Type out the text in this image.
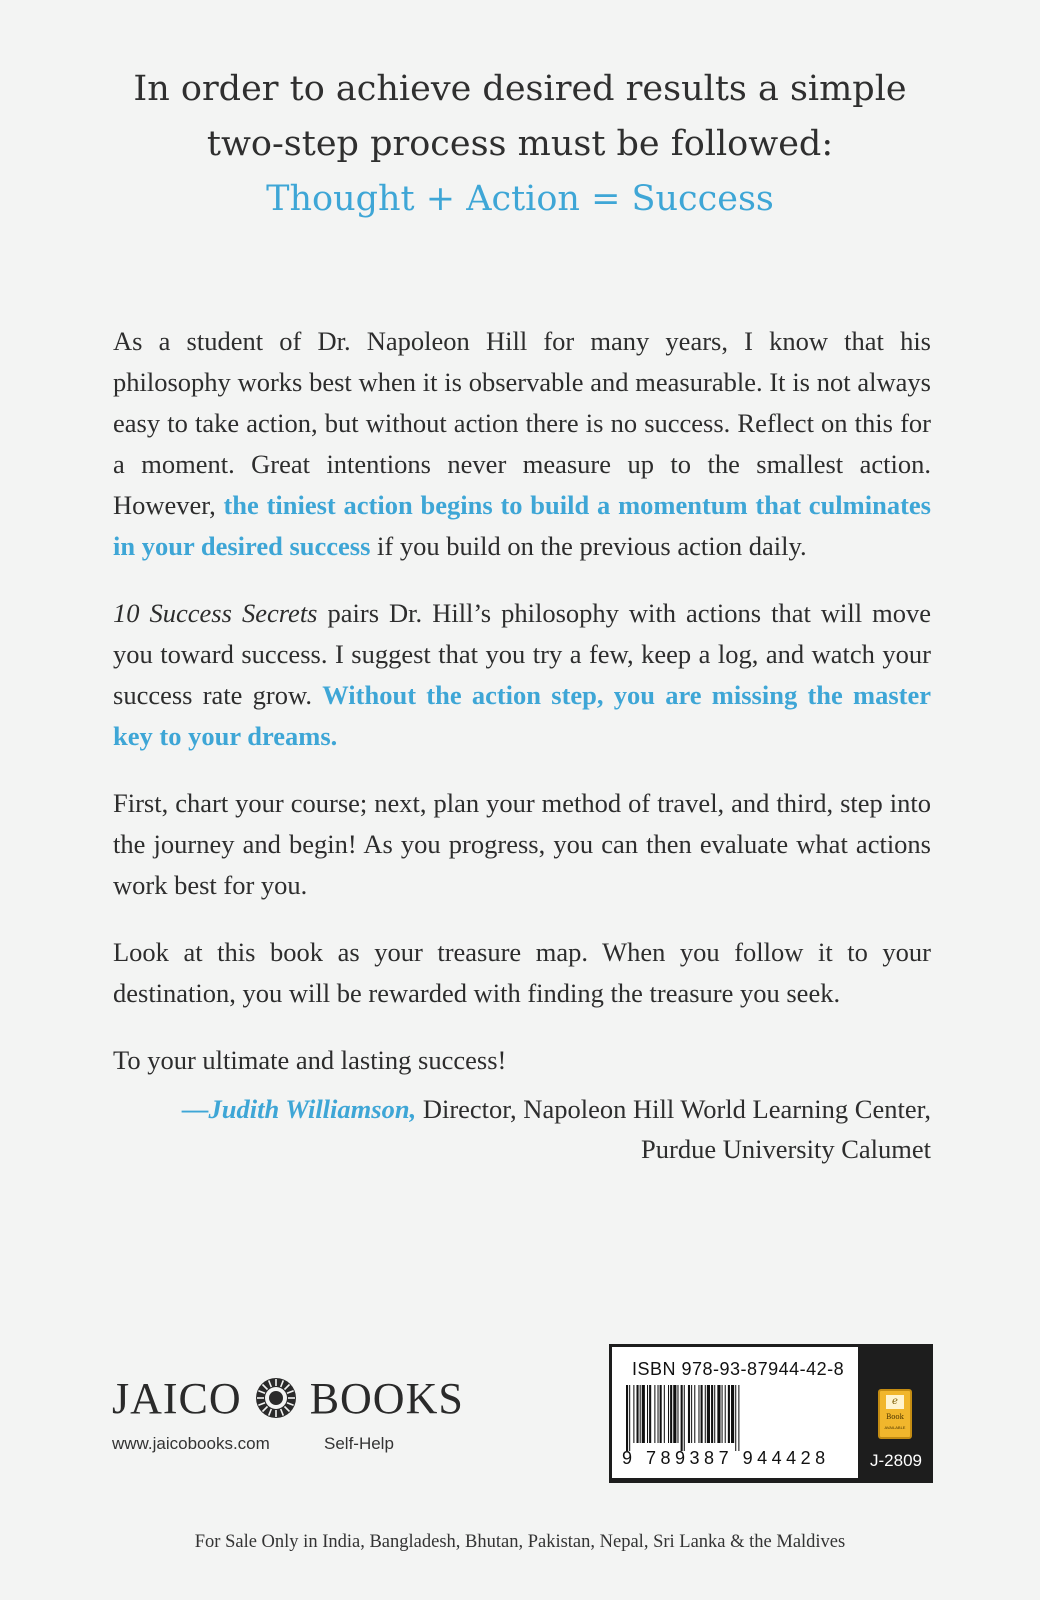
In order to achieve desired results a simple
two-step process must be followed:
Thought + Action = Success

As a student of Dr. Napoleon Hill for many years, I know that his philosophy works best when it is observable and measurable. It is not always easy to take action, but without action there is no success. Reflect on this for a moment. Great intentions never measure up to the smallest action. However, the tiniest action begins to build a momentum that culminates in your desired success if you build on the previous action daily.

10 Success Secrets pairs Dr. Hill’s philosophy with actions that will move you toward success. I suggest that you try a few, keep a log, and watch your success rate grow. Without the action step, you are missing the master key to your dreams.

First, chart your course; next, plan your method of travel, and third, step into the journey and begin! As you progress, you can then evaluate what actions work best for you.

Look at this book as your treasure map. When you follow it to your destination, you will be rewarded with finding the treasure you seek.

To your ultimate and lasting success!

—Judith Williamson, Director, Napoleon Hill World Learning Center,
Purdue University Calumet
JAICO BOOKS
www.jaicobooks.com	Self-Help
ISBN 978-93-87944-42-8
9 789387 944428
e
Book
AVAILABLE
J-2809
For Sale Only in India, Bangladesh, Bhutan, Pakistan, Nepal, Sri Lanka & the Maldives
